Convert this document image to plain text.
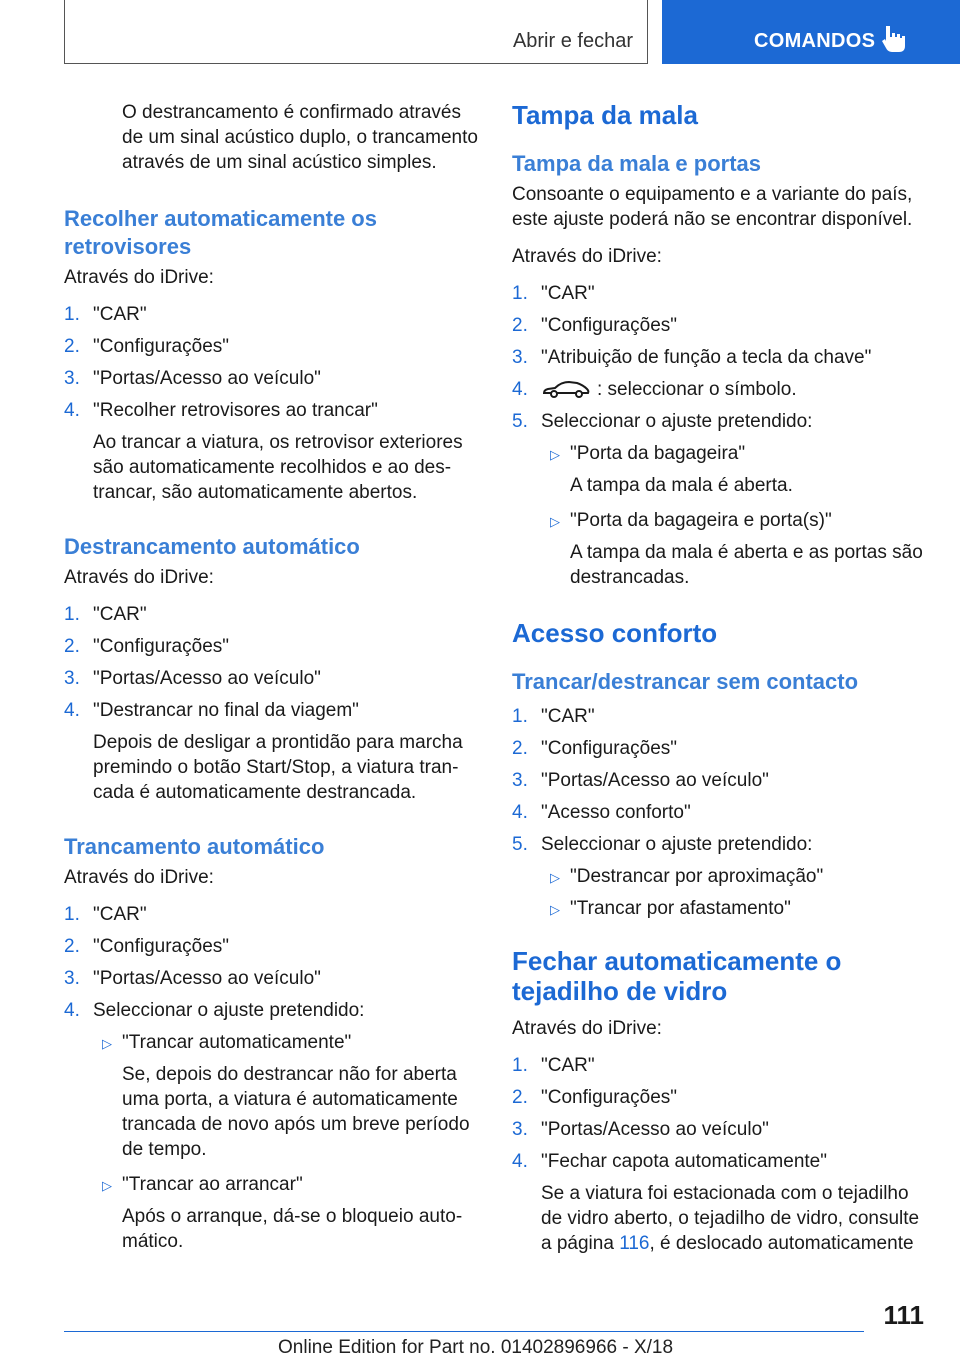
Abrir e fechar	COMANDOS

O destrancamento é confirmado através de um sinal acústico duplo, o trancamento através de um sinal acústico simples.

Recolher automaticamente os retrovisores

Através do iDrive:

1. "CAR"
2. "Configurações"
3. "Portas/Acesso ao veículo"
4. "Recolher retrovisores ao trancar"

Ao trancar a viatura, os retrovisor exteriores são automaticamente recolhidos e ao destrancar, são automaticamente abertos.

Destrancamento automático

Através do iDrive:

1. "CAR"
2. "Configurações"
3. "Portas/Acesso ao veículo"
4. "Destrancar no final da viagem"

Depois de desligar a prontidão para marcha premindo o botão Start/Stop, a viatura trancada é automaticamente destrancada.

Trancamento automático

Através do iDrive:

1. "CAR"
2. "Configurações"
3. "Portas/Acesso ao veículo"
4. Seleccionar o ajuste pretendido:
▷ "Trancar automaticamente"

Se, depois do destrancar não for aberta uma porta, a viatura é automaticamente trancada de novo após um breve período de tempo.

▷ "Trancar ao arrancar"

Após o arranque, dá-se o bloqueio automático.

Tampa da mala
Tampa da mala e portas

Consoante o equipamento e a variante do país, este ajuste poderá não se encontrar disponível.

Através do iDrive:

1. "CAR"
2. "Configurações"
3. "Atribuição de função a tecla da chave"
4.	: seleccionar o símbolo.
5. Seleccionar o ajuste pretendido:
▷ "Porta da bagageira"

A tampa da mala é aberta.

▷ "Porta da bagageira e porta(s)"

A tampa da mala é aberta e as portas são destrancadas.

Acesso conforto
Trancar/destrancar sem contacto
1. "CAR"
2. "Configurações"
3. "Portas/Acesso ao veículo"
4. "Acesso conforto"
5. Seleccionar o ajuste pretendido:
▷ "Destrancar por aproximação"
▷ "Trancar por afastamento"
Fechar automaticamente o tejadilho de vidro

Através do iDrive:

1. "CAR"
2. "Configurações"
3. "Portas/Acesso ao veículo"
4. "Fechar capota automaticamente"

Se a viatura foi estacionada com o tejadilho de vidro aberto, o tejadilho de vidro, consulte a página 116, é deslocado automaticamente

111
Online Edition for Part no. 01402896966 - X/18
